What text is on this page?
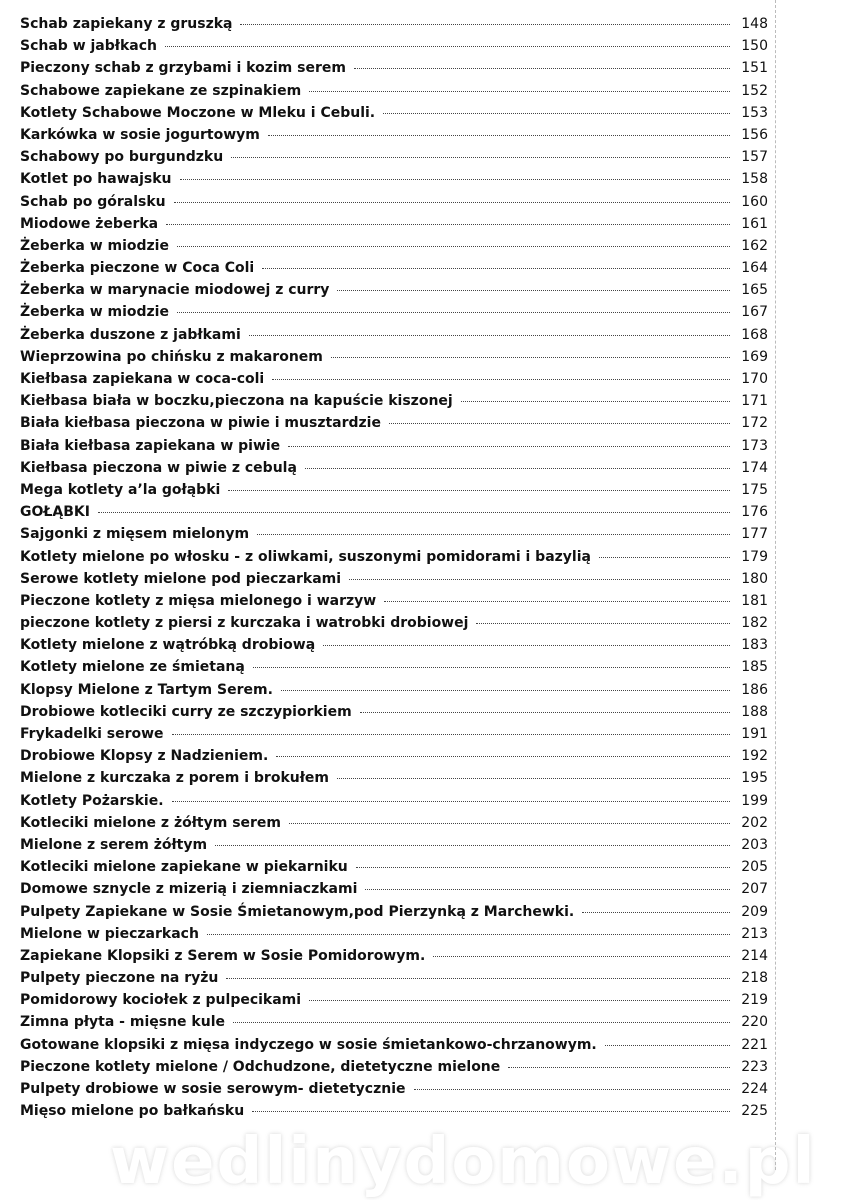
wedlinydomowe.pl
Schab zapiekany z gruszką	148
Schab w jabłkach	150
Pieczony schab z grzybami i kozim serem	151
Schabowe zapiekane ze szpinakiem	152
Kotlety Schabowe Moczone w Mleku i Cebuli.	153
Karkówka w sosie jogurtowym	156
Schabowy po burgundzku	157
Kotlet po hawajsku	158
Schab po góralsku	160
Miodowe żeberka	161
Żeberka w miodzie	162
Żeberka pieczone w Coca Coli	164
Żeberka w marynacie miodowej z curry	165
Żeberka w miodzie	167
Żeberka duszone z jabłkami	168
Wieprzowina po chińsku z makaronem	169
Kiełbasa zapiekana w coca-coli	170
Kiełbasa biała w boczku,pieczona na kapuście kiszonej	171
Biała kiełbasa pieczona w piwie i musztardzie	172
Biała kiełbasa zapiekana w piwie	173
Kiełbasa pieczona w piwie z cebulą	174
Mega kotlety a’la gołąbki	175
GOŁĄBKI	176
Sajgonki z mięsem mielonym	177
Kotlety mielone po włosku - z oliwkami, suszonymi pomidorami i bazylią	179
Serowe kotlety mielone pod pieczarkami	180
Pieczone kotlety z mięsa mielonego i warzyw	181
pieczone kotlety z piersi z kurczaka i watrobki drobiowej	182
Kotlety mielone z wątróbką drobiową	183
Kotlety mielone ze śmietaną	185
Klopsy Mielone z Tartym Serem.	186
Drobiowe kotleciki curry ze szczypiorkiem	188
Frykadelki serowe	191
Drobiowe Klopsy z Nadzieniem.	192
Mielone z kurczaka z porem i brokułem	195
Kotlety Pożarskie.	199
Kotleciki mielone z żółtym serem	202
Mielone z serem żółtym	203
Kotleciki mielone zapiekane w piekarniku	205
Domowe sznycle z mizerią i ziemniaczkami	207
Pulpety Zapiekane w Sosie Śmietanowym,pod Pierzynką z Marchewki.	209
Mielone w pieczarkach	213
Zapiekane Klopsiki z Serem w Sosie Pomidorowym.	214
Pulpety pieczone na ryżu	218
Pomidorowy kociołek z pulpecikami	219
Zimna płyta - mięsne kule	220
Gotowane klopsiki z mięsa indyczego w sosie śmietankowo-chrzanowym.	221
Pieczone kotlety mielone / Odchudzone, dietetyczne mielone	223
Pulpety drobiowe w sosie serowym- dietetycznie	224
Mięso mielone po bałkańsku	225
